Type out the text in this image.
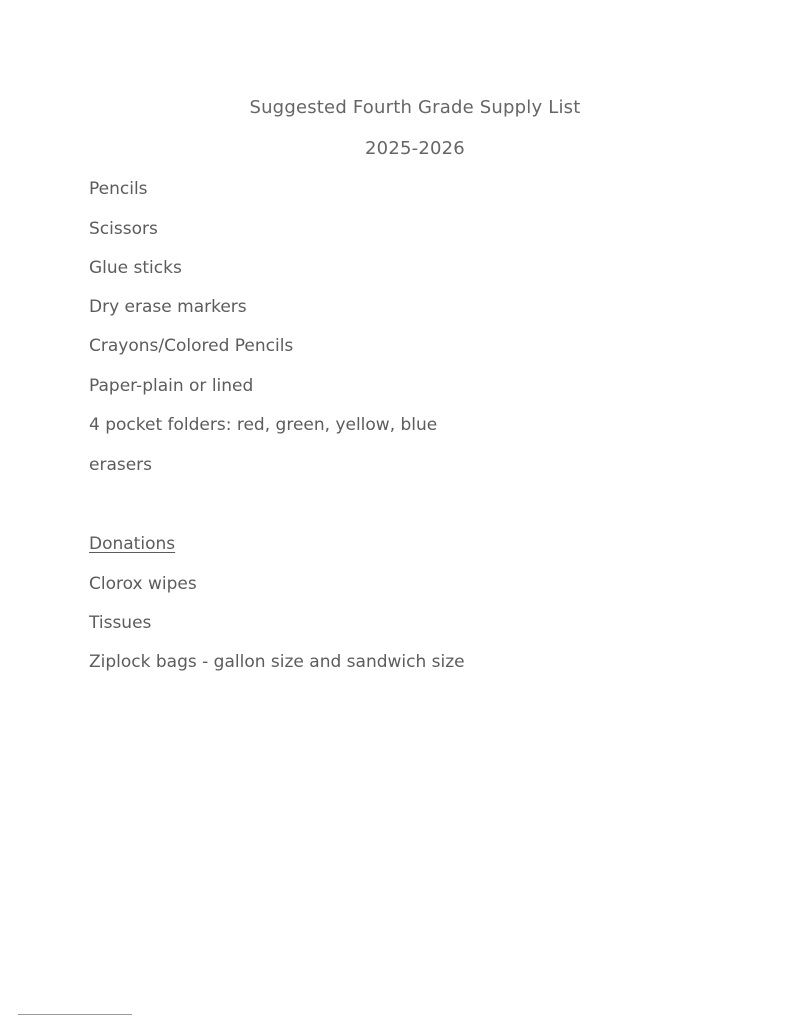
Suggested Fourth Grade Supply List
2025-2026
Pencils
Scissors
Glue sticks
Dry erase markers
Crayons/Colored Pencils
Paper-plain or lined
4 pocket folders: red, green, yellow, blue
erasers
Donations
Clorox wipes
Tissues
Ziplock bags - gallon size and sandwich size
